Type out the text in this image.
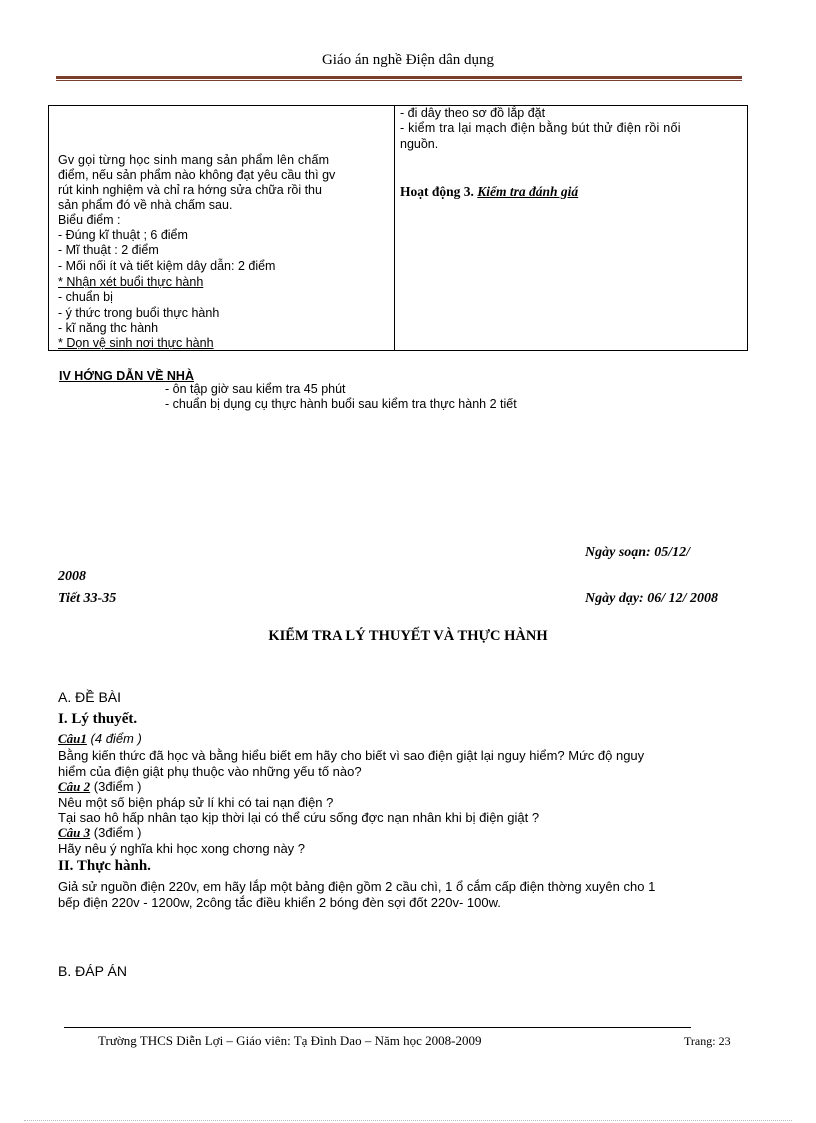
Giáo án nghề Điện dân dụng
- đi dây theo sơ đồ lắp đặt
- kiểm tra lại mạch điện bằng bút thử điện rồi nối
nguồn.
Hoạt động 3. Kiểm tra đánh giá
Gv gọi từng học sinh mang sản phẩm lên chấm
điểm, nếu sản phẩm nào không đạt yêu cầu thì gv
rút kinh nghiệm và chỉ ra hớng sửa chữa rồi thu
sản phẩm đó về nhà chấm sau.
Biểu điểm :
- Đúng kĩ thuật ; 6 điểm
- Mĩ thuật : 2 điểm
- Mối nối ít và tiết kiệm dây dẫn: 2 điểm
* Nhận xét buổi thực hành
- chuẩn bị
- ý thức trong buổi thực hành
- kĩ năng thc hành
* Dọn vệ sinh nơi thực hành
IV HỚNG DẪN VỀ NHÀ
- ôn tập giờ sau kiểm tra 45 phút
- chuẩn bị dụng cụ thực hành buổi sau kiểm tra thực hành 2 tiết
Ngày soạn: 05/12/
2008
Tiết 33-35	Ngày dạy: 06/ 12/ 2008
KIỂM TRA LÝ THUYẾT VÀ THỰC HÀNH
A. ĐỀ BÀI
I. Lý thuyết.
Câu1 (4 điểm )
Bằng kiến thức đã học và bằng hiểu biết em hãy cho biết vì sao điện giật lại nguy hiểm? Mức độ nguy
hiểm của điện giật phụ thuộc vào những yếu tố nào?
Câu 2 (3điểm )
Nêu một số biện pháp sử lí khi có tai nạn điện ?
Tại sao hô hấp nhân tạo kịp thời lại có thể cứu sống đợc nạn nhân khi bị điện giật ?
Câu 3 (3điểm )
Hãy nêu ý nghĩa khi học xong chơng này ?
II. Thực hành.
Giả sử nguồn điện 220v, em hãy lắp một bảng điện gồm 2 cầu chì, 1 ổ cắm cấp điện thờng xuyên cho 1
bếp điện 220v - 1200w, 2công tắc điều khiển 2 bóng đèn sợi đốt 220v- 100w.
B. ĐÁP ÁN
Trường THCS Diễn Lợi – Giáo viên: Tạ Đình Dao – Năm học 2008-2009	Trang: 23
